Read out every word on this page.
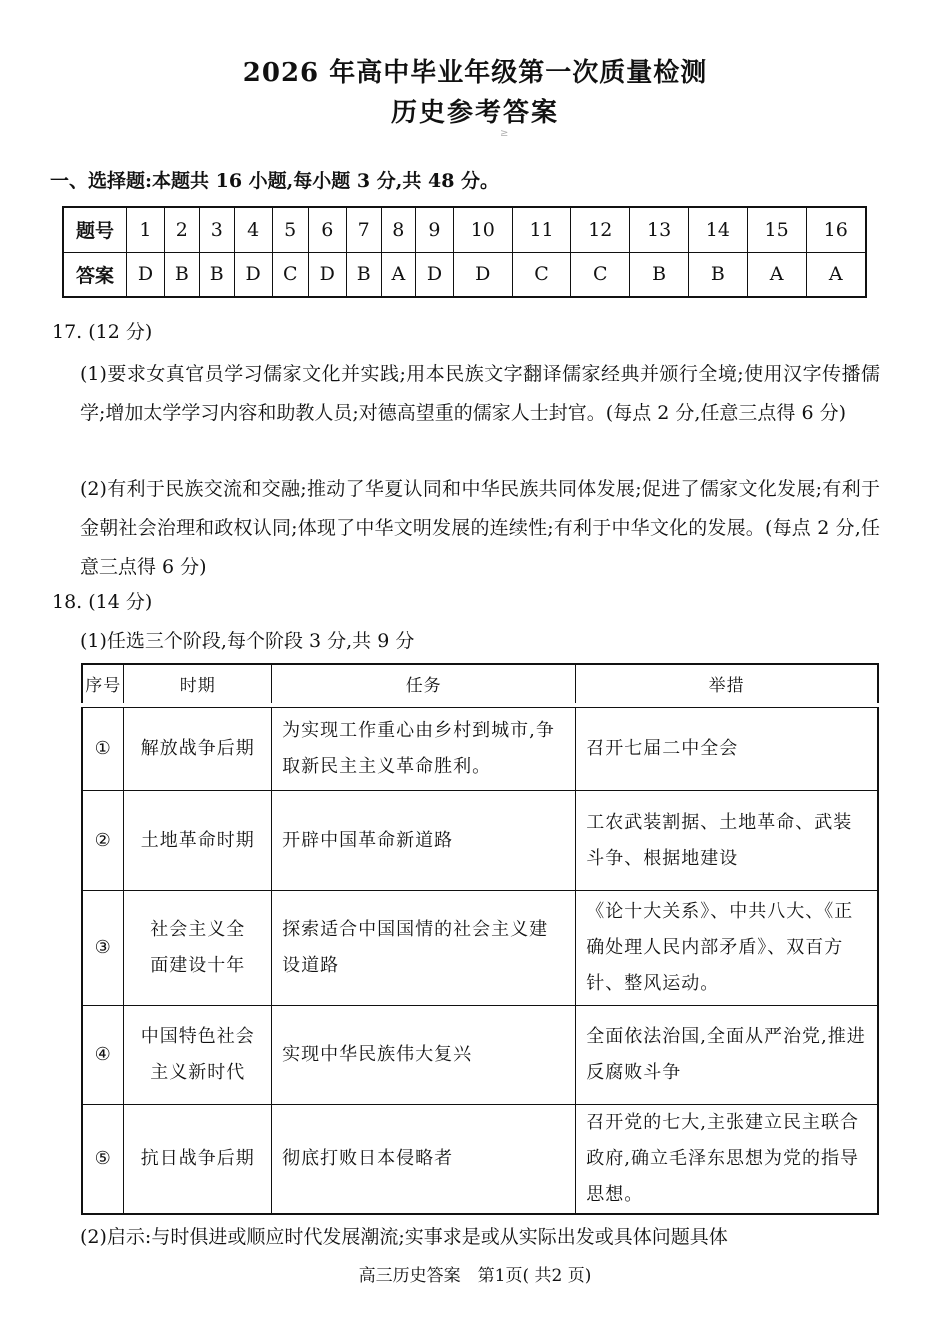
2026 年高中毕业年级第一次质量检测
历史参考答案
≥
一、选择题:本题共 16 小题,每小题 3 分,共 48 分。
题号	1	2	3	4	5	6	7	8	9	10	11	12	13	14	15	16
答案	D	B	B	D	C	D	B	A	D	D	C	C	B	B	A	A
17. (12 分)
(1)要求女真官员学习儒家文化并实践;用本民族文字翻译儒家经典并颁行全境;使用汉字传播儒学;增加太学学习内容和助教人员;对德高望重的儒家人士封官。(每点 2 分,任意三点得 6 分)
(2)有利于民族交流和交融;推动了华夏认同和中华民族共同体发展;促进了儒家文化发展;有利于金朝社会治理和政权认同;体现了中华文明发展的连续性;有利于中华文化的发展。(每点 2 分,任意三点得 6 分)
18. (14 分)
(1)任选三个阶段,每个阶段 3 分,共 9 分
序号	时期	任务	举措
①	解放战争后期	为实现工作重心由乡村到城市,争取新民主主义革命胜利。	召开七届二中全会
②	土地革命时期	开辟中国革命新道路	工农武装割据、土地革命、武装斗争、根据地建设
③	社会主义全面建设十年	探索适合中国国情的社会主义建设道路	《论十大关系》、中共八大、《正确处理人民内部矛盾》、双百方针、整风运动。
④	中国特色社会主义新时代	实现中华民族伟大复兴	全面依法治国,全面从严治党,推进反腐败斗争
⑤	抗日战争后期	彻底打败日本侵略者	召开党的七大,主张建立民主联合政府,确立毛泽东思想为党的指导思想。
(2)启示:与时俱进或顺应时代发展潮流;实事求是或从实际出发或具体问题具体
高三历史答案　第1页( 共2 页)
